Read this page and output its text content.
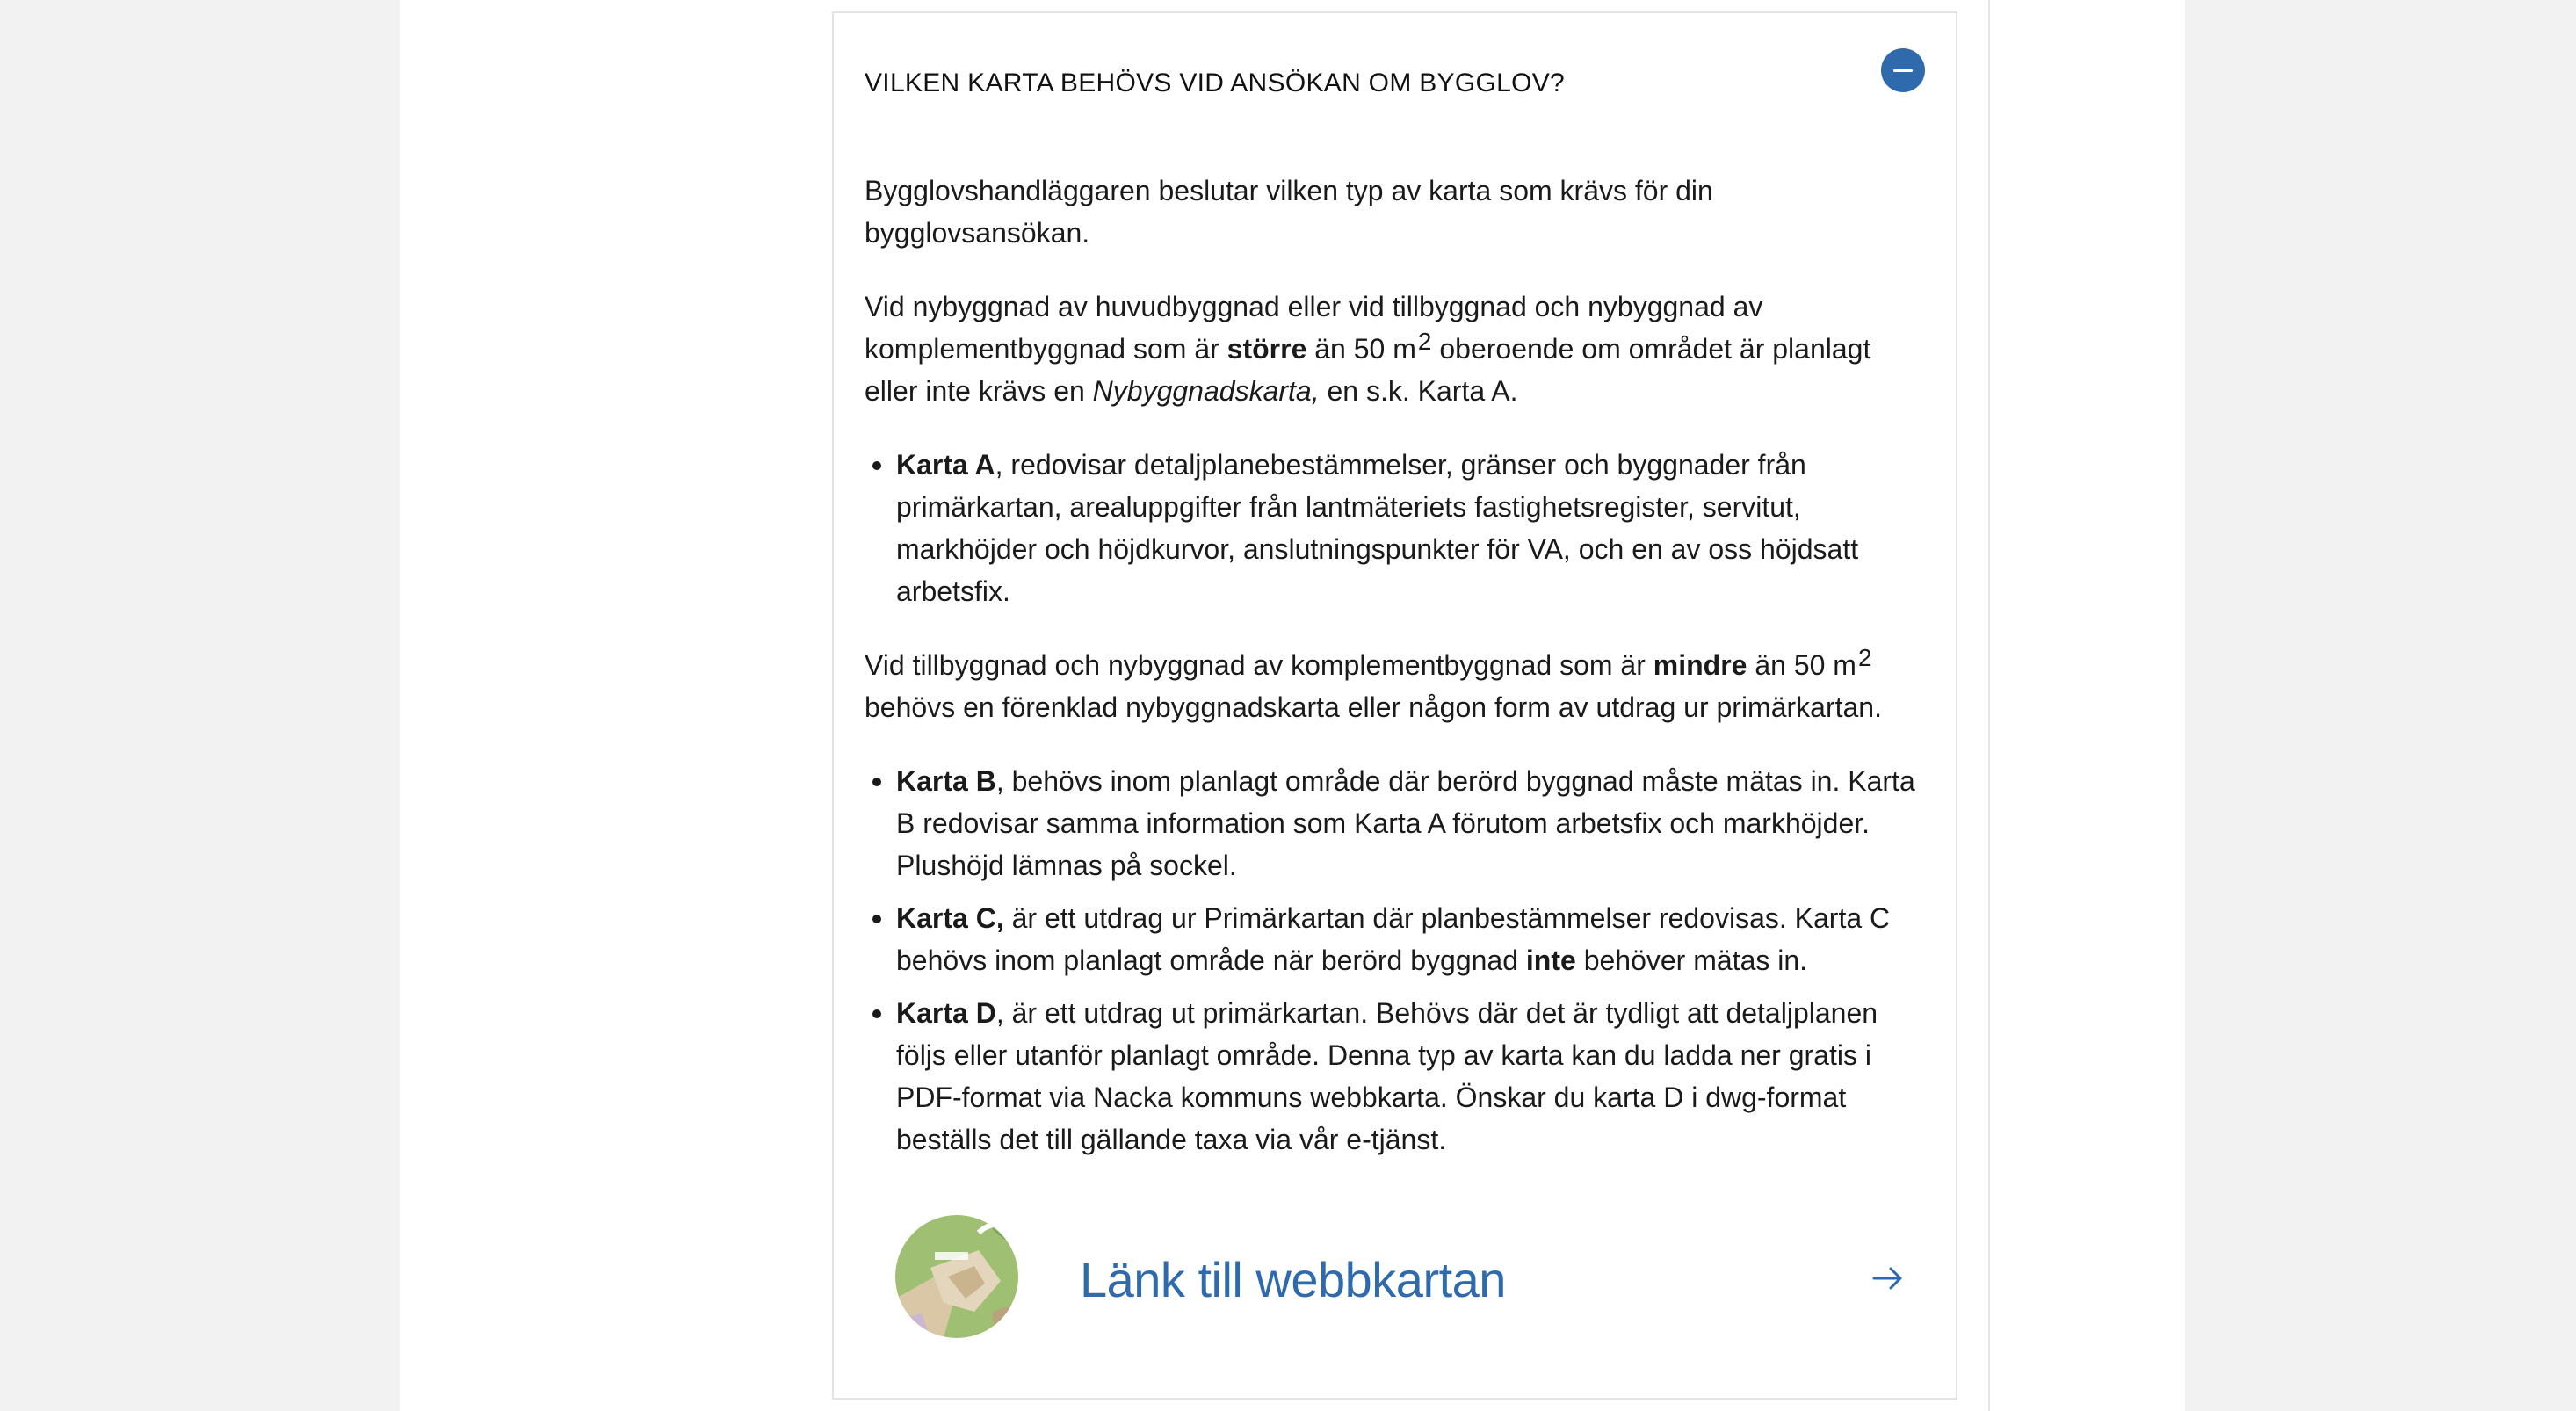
VILKEN KARTA BEHÖVS VID ANSÖKAN OM BYGGLOV?

Bygglovshandläggaren beslutar vilken typ av karta som krävs för din bygglovsansökan.

Vid nybyggnad av huvudbyggnad eller vid tillbyggnad och nybyggnad av komplementbyggnad som är större än 50 $m^2$ oberoende om området är planlagt eller inte krävs en Nybyggnadskarta, en s.k. Karta A.

Karta A, redovisar detaljplanebestämmelser, gränser och byggnader från primärkartan, arealuppgifter från lantmäteriets fastighetsregister, servitut, markhöjder och höjdkurvor, anslutningspunkter för VA, och en av oss höjdsatt arbetsfix.

Vid tillbyggnad och nybyggnad av komplementbyggnad som är mindre än 50 $m^2$ behövs en förenklad nybyggnadskarta eller någon form av utdrag ur primärkartan.

Karta B, behövs inom planlagt område där berörd byggnad måste mätas in. Karta B redovisar samma information som Karta A förutom arbetsfix och markhöjder. Plushöjd lämnas på sockel.
Karta C, är ett utdrag ur Primärkartan där planbestämmelser redovisas. Karta C behövs inom planlagt område när berörd byggnad inte behöver mätas in.
Karta D, är ett utdrag ut primärkartan. Behövs där det är tydligt att detaljplanen följs eller utanför planlagt område. Denna typ av karta kan du ladda ner gratis i PDF-format via Nacka kommuns webbkarta. Önskar du karta D i dwg-format beställs det till gällande taxa via vår e-tjänst.
Länk till webbkartan
